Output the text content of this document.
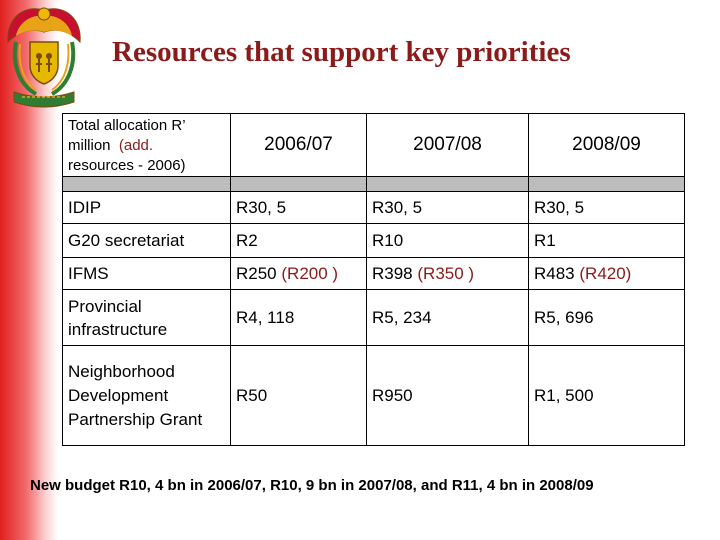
Resources that support key priorities
Total allocation R’
million (add.
resources - 2006)	2006/07	2007/08	2008/09

IDIP	R30, 5	R30, 5	R30, 5
G20 secretariat	R2	R10	R1
IFMS	R250 (R200 )	R398 (R350 )	R483 (R420)
Provincial infrastructure	R4, 118	R5, 234	R5, 696
Neighborhood Development Partnership Grant	R50	R950	R1, 500
New budget R10, 4 bn in 2006/07, R10, 9 bn in 2007/08, and R11, 4 bn in 2008/09
